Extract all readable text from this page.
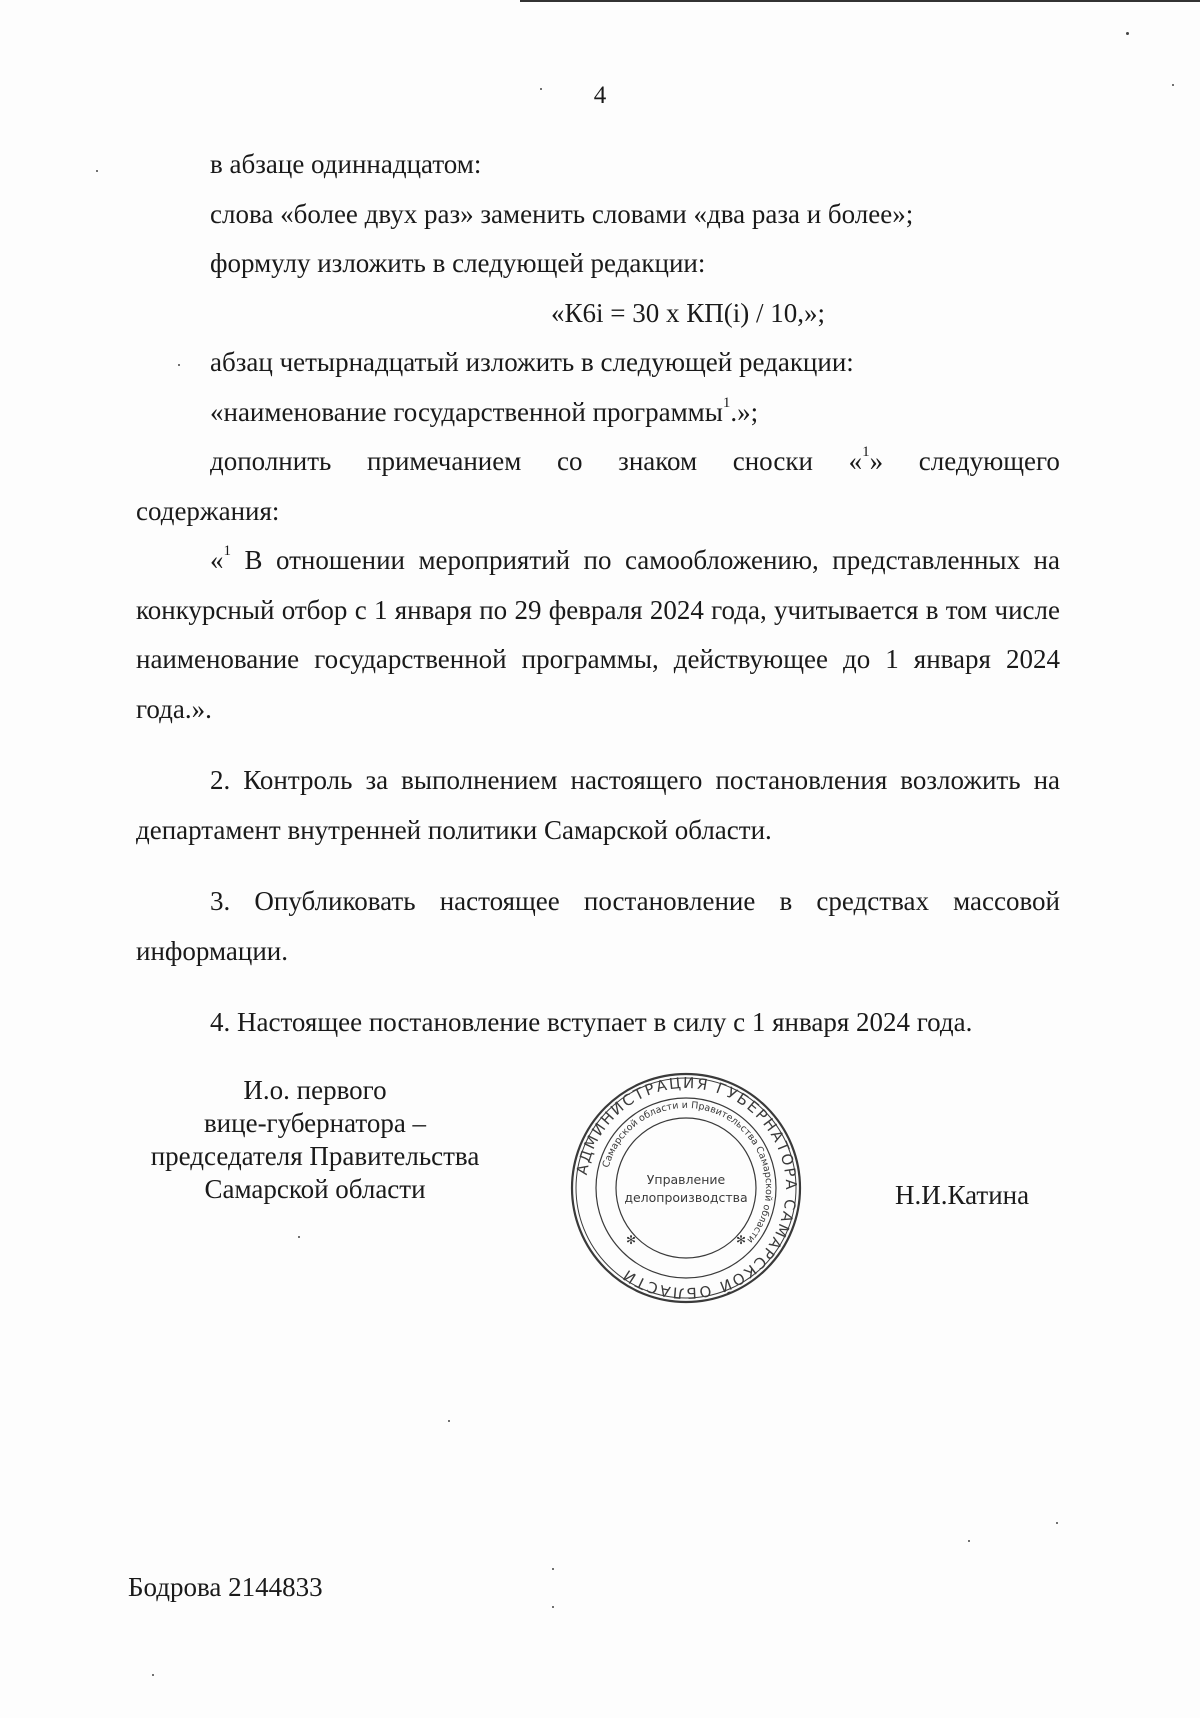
4

в абзаце одиннадцатом:

слова «более двух раз» заменить словами «два раза и более»;

формулу изложить в следующей редакции:

«К6i = 30 х КП(i) / 10,»;

абзац четырнадцатый изложить в следующей редакции:

«наименование государственной программы$^1$.»;

дополнить примечанием со знаком сноски «$^1$» следующего

содержания:

«$^1$ В отношении мероприятий по самообложению, представленных на конкурсный отбор с 1 января по 29 февраля 2024 года, учитывается в том числе наименование государственной программы, действующее до 1 января 2024 года.».

2. Контроль за выполнением настоящего постановления возложить на департамент внутренней политики Самарской области.

3. Опубликовать настоящее постановление в средствах массовой информации.

4. Настоящее постановление вступает в силу с 1 января 2024 года.

И.о. первого
вице-губернатора –
председателя Правительства
Самарской области
АДМИНИСТРАЦИЯ ГУБЕРНАТОРА САМАРСКОЙ ОБЛАСТИ
Самарской области и Правительства Самарской области
Управление
делопроизводства
✻	✻
Н.И.Катина
Бодрова 2144833
